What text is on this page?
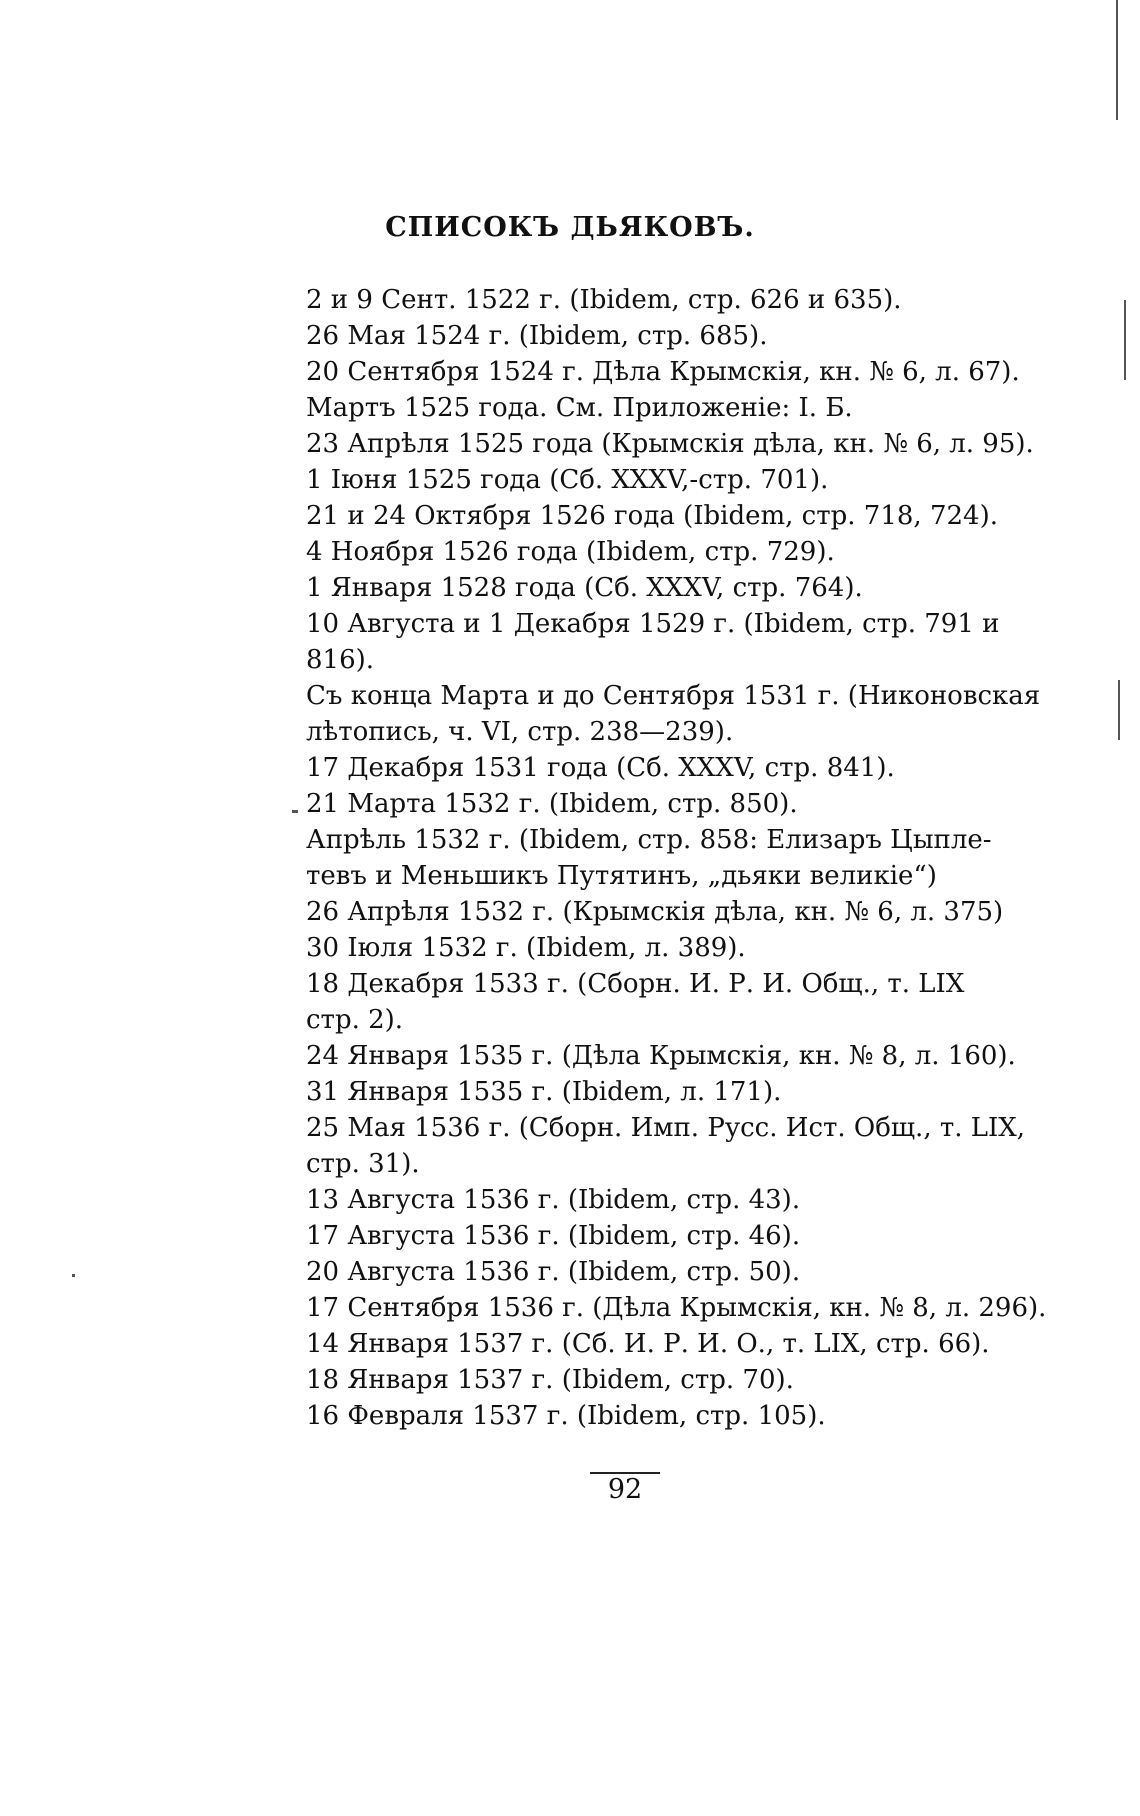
СПИСОКЪ ДЬЯКОВЪ.

2 и 9 Сент. 1522 г. (Ibidem, стр. 626 и 635).

26 Мая 1524 г. (Ibidem, стр. 685).

20 Сентября 1524 г. Дѣла Крымскія, кн. № 6, л. 67).

Мартъ 1525 года. См. Приложеніе: I. Б.

23 Апрѣля 1525 года (Крымскія дѣла, кн. № 6, л. 95).

1 Іюня 1525 года (Сб. XXXV,-стр. 701).

21 и 24 Октября 1526 года (Ibidem, стр. 718, 724).

4 Ноября 1526 года (Ibidem, стр. 729).

1 Января 1528 года (Сб. XXXV, стр. 764).

10 Августа и 1 Декабря 1529 г. (Ibidem, стр. 791 и
816).

Съ конца Марта и до Сентября 1531 г. (Никоновская
лѣтопись, ч. VI, стр. 238—239).

17 Декабря 1531 года (Сб. XXXV, стр. 841).

21 Марта 1532 г. (Ibidem, стр. 850).

Апрѣль 1532 г. (Ibidem, стр. 858: Елизаръ Цыпле-
тевъ и Меньшикъ Путятинъ, „дьяки великіе“)

26 Апрѣля 1532 г. (Крымскія дѣла, кн. № 6, л. 375)

30 Іюля 1532 г. (Ibidem, л. 389).

18 Декабря 1533 г. (Сборн. И. Р. И. Общ., т. LIX
стр. 2).

24 Января 1535 г. (Дѣла Крымскія, кн. № 8, л. 160).

31 Января 1535 г. (Ibidem, л. 171).

25 Мая 1536 г. (Сборн. Имп. Русс. Ист. Общ., т. LIX,
стр. 31).

13 Августа 1536 г. (Ibidem, стр. 43).

17 Августа 1536 г. (Ibidem, стр. 46).

20 Августа 1536 г. (Ibidem, стр. 50).

17 Сентября 1536 г. (Дѣла Крымскія, кн. № 8, л. 296).

14 Января 1537 г. (Сб. И. Р. И. О., т. LIX, стр. 66).

18 Января 1537 г. (Ibidem, стр. 70).

16 Февраля 1537 г. (Ibidem, стр. 105).

92
